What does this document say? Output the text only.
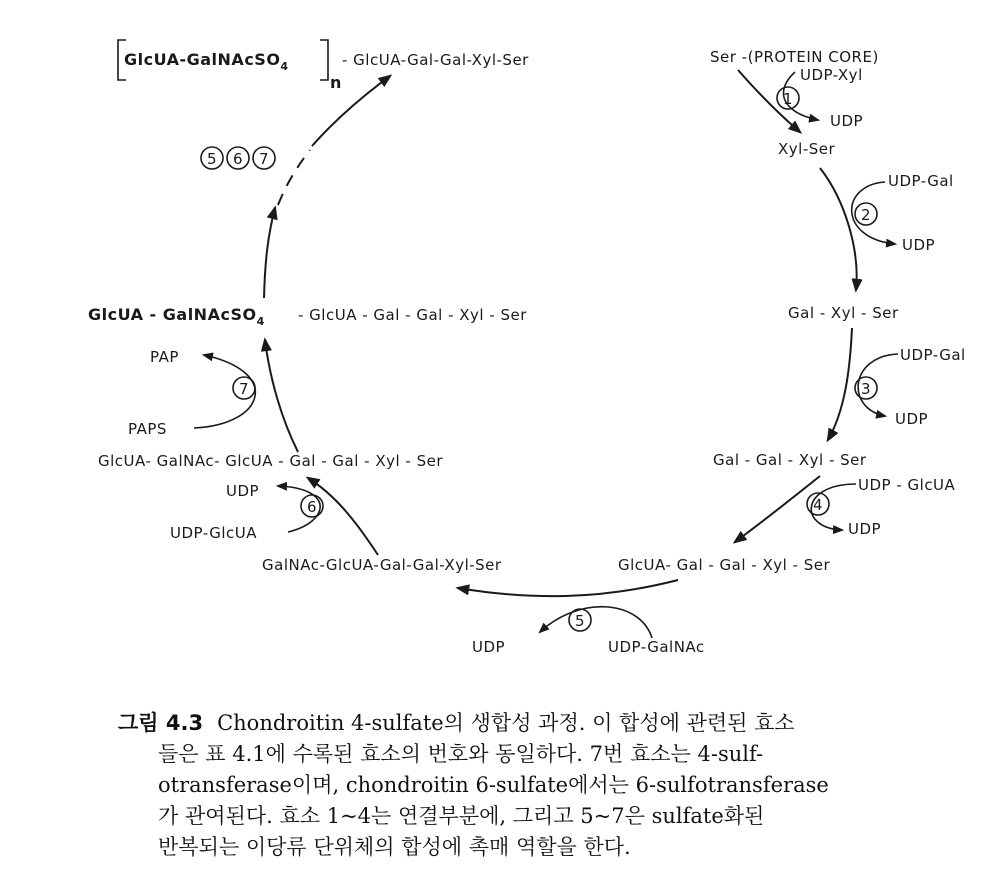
GlcUA-GalNAcSO$_4$
n
- GlcUA-Gal-Gal-Xyl-Ser	Ser -(PROTEIN CORE)
UDP-Xyl
1
UDP
Xyl-Ser
UDP-Gal
2
UDP
Gal - Xyl - Ser
UDP-Gal
3
UDP
Gal - Gal - Xyl - Ser
UDP - GlcUA
4
UDP
GlcUA- Gal - Gal - Xyl - Ser
5
UDP-GalNAc
UDP
GalNAc-GlcUA-Gal-Gal-Xyl-Ser
6
UDP
UDP-GlcUA
GlcUA- GalNAc- GlcUA - Gal - Gal - Xyl - Ser
7
PAP
PAPS
GlcUA - GalNAcSO$_4$ - GlcUA - Gal - Gal - Xyl - Ser
5 6 7
그림 4.3 Chondroitin 4-sulfate의 생합성 과정. 이 합성에 관련된 효소
들은 표 4.1에 수록된 효소의 번호와 동일하다. 7번 효소는 4-sulf-
otransferase이며, chondroitin 6-sulfate에서는 6-sulfotransferase
가 관여된다. 효소 1~4는 연결부분에, 그리고 5~7은 sulfate화된
반복되는 이당류 단위체의 합성에 촉매 역할을 한다.
